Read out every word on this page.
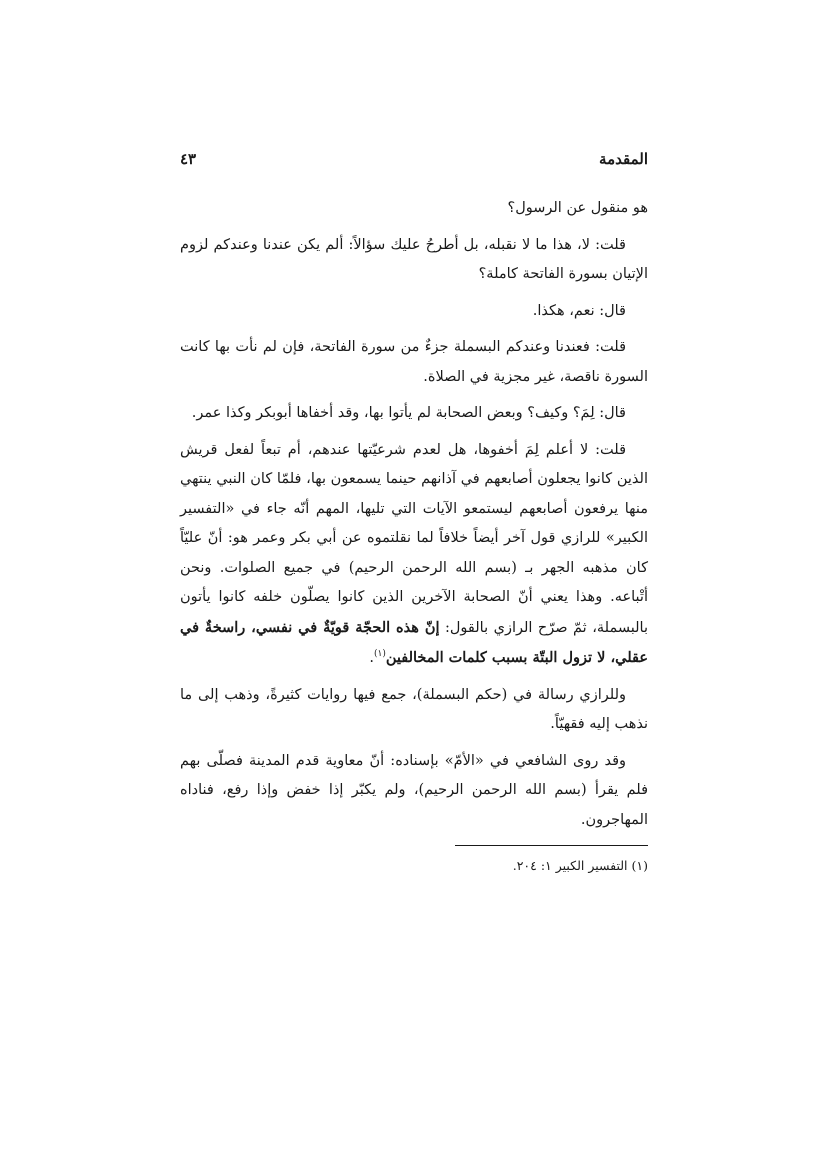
المقدمة
٤٣

هو منقول عن الرسول؟

قلت: لا، هذا ما لا نقبله، بل أطرحُ عليك سؤالاً: ألم يكن عندنا وعندكم لزوم الإتيان بسورة الفاتحة كاملة؟

قال: نعم، هكذا.

قلت: فعندنا وعندكم البسملة جزءٌ من سورة الفاتحة، فإن لم نأت بها كانت السورة ناقصة، غير مجزية في الصلاة.

قال: لِمَ؟ وكيف؟ وبعض الصحابة لم يأتوا بها، وقد أخفاها أبوبكر وكذا عمر.

قلت: لا أعلم لِمَ أخفوها، هل لعدم شرعيّتها عندهم، أم تبعاً لفعل قريش الذين كانوا يجعلون أصابعهم في آذانهم حينما يسمعون بها، فلمّا كان النبي ينتهي منها يرفعون أصابعهم ليستمعو الآيات التي تليها، المهم أنّه جاء في «التفسير الكبير» للرازي قول آخر أيضاً خلافاً لما نقلتموه عن أبي بكر وعمر هو: أنّ عليّاً كان مذهبه الجهر بـ (بسم الله الرحمن الرحيم) في جميع الصلوات. ونحن أتْباعه. وهذا يعني أنّ الصحابة الآخرين الذين كانوا يصلّون خلفه كانوا يأتون بالبسملة، ثمّ صرّح الرازي بالقول: إنّ هذه الحجّة قويّةٌ في نفسي، راسخةٌ في عقلي، لا تزول البتّة بسبب كلمات المخالفين$^{(١)}$.

وللرازي رسالة في (حكم البسملة)، جمع فيها روايات كثيرةً، وذهب إلى ما نذهب إليه فقهيّاً.

وقد روى الشافعي في «الأمّ» بإسناده: أنّ معاوية قدم المدينة فصلّى بهم فلم يقرأ (بسم الله الرحمن الرحيم)، ولم يكبّر إذا خفض وإذا رفع، فناداه المهاجرون.

(١) التفسير الكبير ١: ٢٠٤.
